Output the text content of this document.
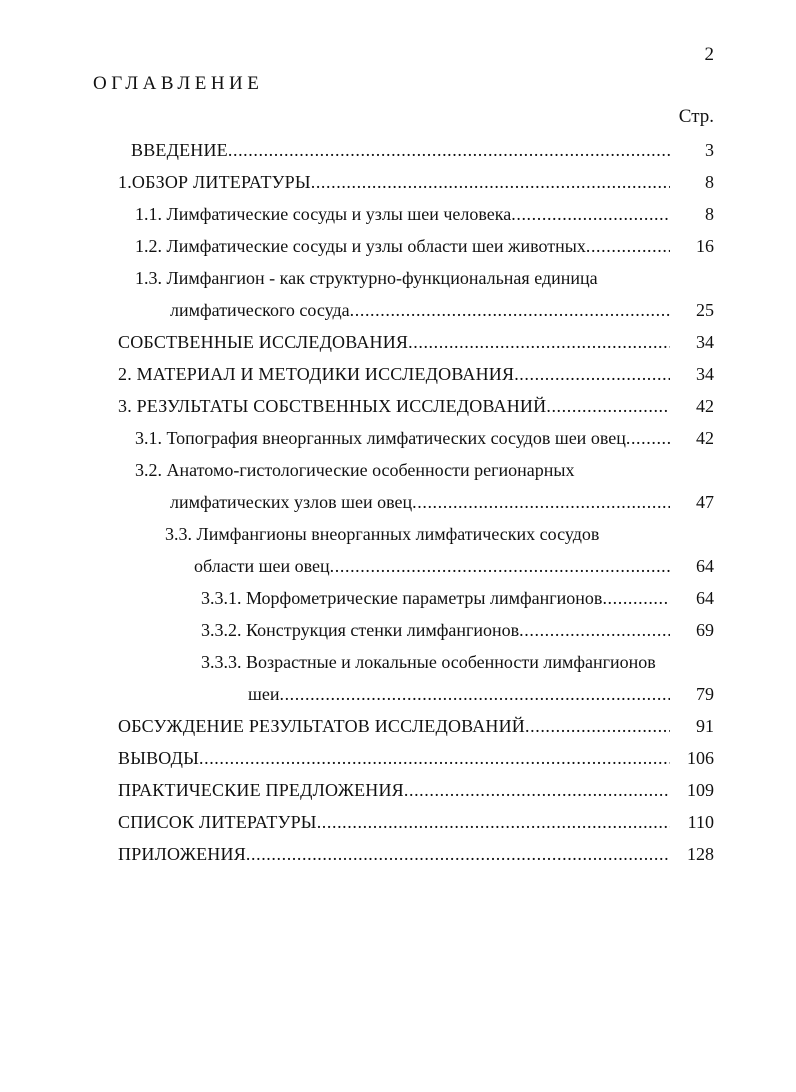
2
ОГЛАВЛЕНИЕ
Стр.
ВВЕДЕНИЕ .....	3
1.ОБЗОР ЛИТЕРАТУРЫ .....	8
1.1. Лимфатические сосуды и узлы шеи человека .....	8
1.2. Лимфатические сосуды и узлы области шеи животных .....	16
1.3. Лимфангион - как структурно-функциональная единица
лимфатического сосуда .....	25
СОБСТВЕННЫЕ ИССЛЕДОВАНИЯ .....	34
2. МАТЕРИАЛ И МЕТОДИКИ ИССЛЕДОВАНИЯ .....	34
3. РЕЗУЛЬТАТЫ СОБСТВЕННЫХ ИССЛЕДОВАНИЙ .....	42
3.1. Топография внеорганных лимфатических сосудов шеи овец .....	42
3.2. Анатомо-гистологические особенности регионарных
лимфатических узлов шеи овец .....	47
3.3. Лимфангионы внеорганных лимфатических сосудов
области шеи овец .....	64
3.3.1. Морфометрические параметры лимфангионов .....	64
3.3.2. Конструкция стенки лимфангионов .....	69
3.3.3. Возрастные и локальные особенности лимфангионов
шеи .....	79
ОБСУЖДЕНИЕ РЕЗУЛЬТАТОВ ИССЛЕДОВАНИЙ .....	91
ВЫВОДЫ .....	106
ПРАКТИЧЕСКИЕ ПРЕДЛОЖЕНИЯ .....	109
СПИСОК ЛИТЕРАТУРЫ .....	110
ПРИЛОЖЕНИЯ .....	128
